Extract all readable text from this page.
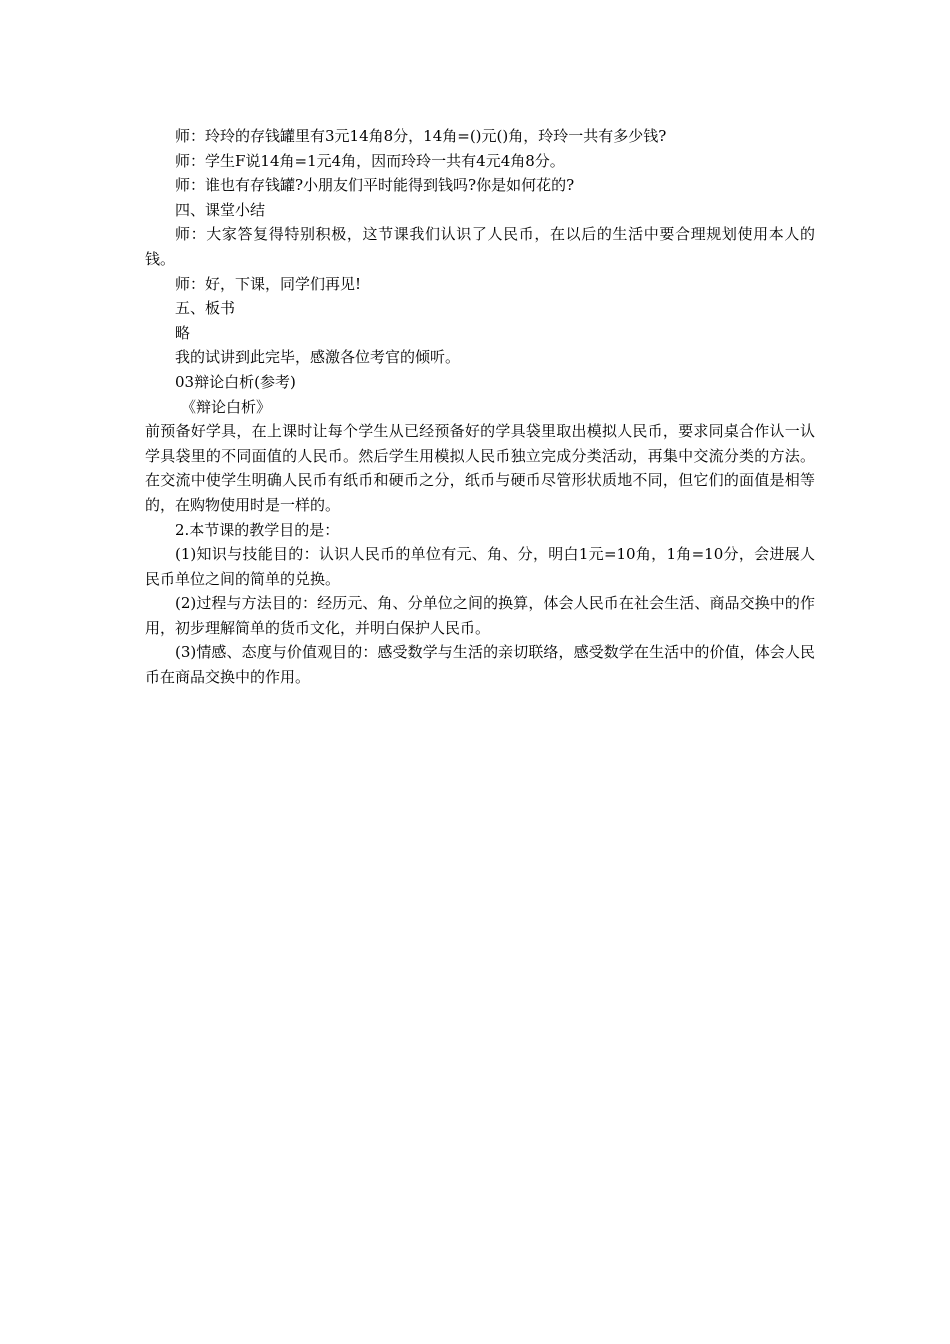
师：玲玲的存钱罐里有3元14角8分，14角=()元()角，玲玲一共有多少钱?

师：学生F说14角=1元4角，因而玲玲一共有4元4角8分。

师：谁也有存钱罐?小朋友们平时能得到钱吗?你是如何花的?

四、课堂小结

师：大家答复得特别积极，这节课我们认识了人民币，在以后的生活中要合理规划使用本人的钱。

师：好，下课，同学们再见!

五、板书

略

我的试讲到此完毕，感激各位考官的倾听。

03辩论白析(参考)

《辩论白析》

前预备好学具，在上课时让每个学生从已经预备好的学具袋里取出模拟人民币，要求同桌合作认一认学具袋里的不同面值的人民币。然后学生用模拟人民币独立完成分类活动，再集中交流分类的方法。在交流中使学生明确人民币有纸币和硬币之分，纸币与硬币尽管形状质地不同，但它们的面值是相等的，在购物使用时是一样的。

2.本节课的教学目的是：

(1)知识与技能目的：认识人民币的单位有元、角、分，明白1元=10角，1角=10分，会进展人民币单位之间的简单的兑换。

(2)过程与方法目的：经历元、角、分单位之间的换算，体会人民币在社会生活、商品交换中的作用，初步理解简单的货币文化，并明白保护人民币。

(3)情感、态度与价值观目的：感受数学与生活的亲切联络，感受数学在生活中的价值，体会人民币在商品交换中的作用。
